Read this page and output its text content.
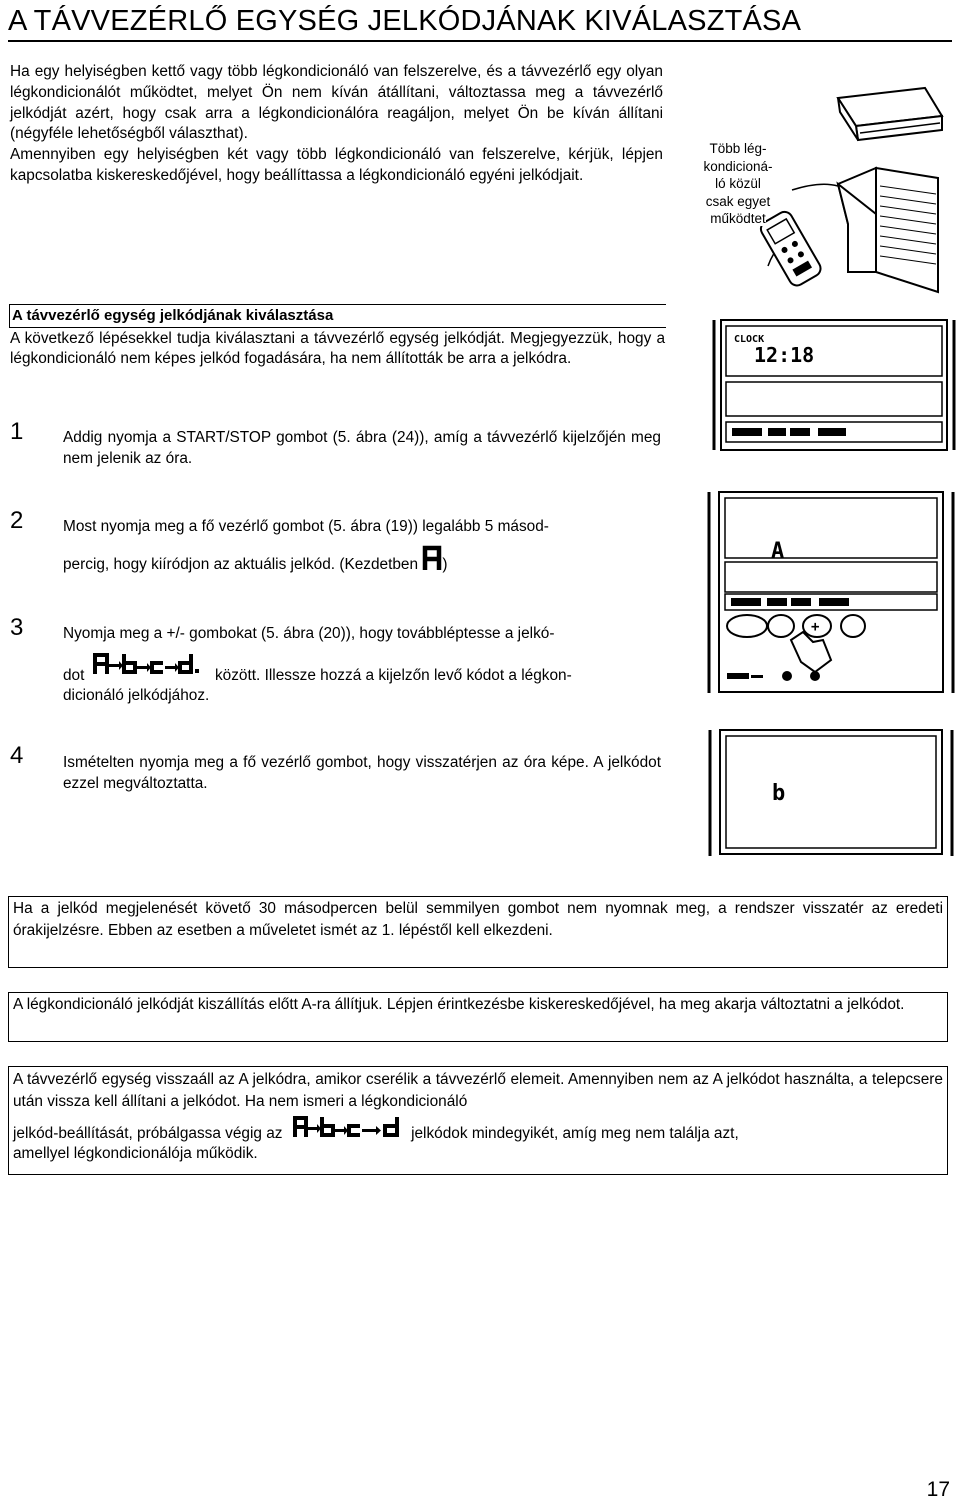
A TÁVVEZÉRLŐ EGYSÉG JELKÓDJÁNAK KIVÁLASZTÁSA

Ha egy helyiségben kettő vagy több légkondicionáló van felszerelve, és a távvezérlő egy olyan légkondicionálót működtet, melyet Ön nem kíván átállítani, változtassa meg a távvezérlő jelkódját azért, hogy csak arra a légkondicionálóra reagáljon, melyet Ön be kíván állítani (négyféle lehetőségből választhat).

Amennyiben egy helyiségben két vagy több légkondicionáló van felszerelve, kérjük, lépjen kapcsolatba kiskereskedőjével, hogy beállíttassa a légkondicionáló egyéni jelkódjait.

Több lég-
kondicioná-
ló közül
csak egyet
működtet
A távvezérlő egység jelkódjának kiválasztása

A következő lépésekkel tudja kiválasztani a távvezérlő egység jelkódját. Megjegyezzük, hogy a légkondicionáló nem képes jelkód fogadására, ha nem állították be arra a jelkódra.

1	Addig nyomja a START/STOP gombot (5. ábra (24)), amíg a távvezérlő kijelzőjén meg nem jelenik az óra.

2	Most nyomja meg a fő vezérlő gombot (5. ábra (19)) legalább 5 másod-

percig, hogy kiíródjon az aktuális jelkód. (Kezdetben )
3	Nyomja meg a +/- gombokat (5. ábra (20)), hogy továbbléptesse a jelkó-

dot	között. Illessze hozzá a kijelzőn levő kódot a légkon-

dicionáló jelkódjához.

4	Ismételten nyomja meg a fő vezérlő gombot, hogy visszatérjen az óra képe. A jelkódot ezzel megváltoztatta.

CLOCK
12:18
A
+
b
Ha a jelkód megjelenését követő 30 másodpercen belül semmilyen gombot nem nyomnak meg, a rendszer visszatér az eredeti órakijelzésre. Ebben az esetben a műveletet ismét az 1. lépéstől kell elkezdeni.
A légkondicionáló jelkódját kiszállítás előtt A-ra állítjuk. Lépjen érintkezésbe kiskereskedőjével, ha meg akarja változtatni a jelkódot.
A távvezérlő egység visszaáll az A jelkódra, amikor cserélik a távvezérlő elemeit. Amennyiben nem az A jelkódot használta, a telepcsere után vissza kell állítani a jelkódot. Ha nem ismeri a légkondicionáló
jelkód-beállítását, próbálgassa végig az	jelkódok mindegyikét, amíg meg nem találja azt,
amellyel légkondicionálója működik.
17
